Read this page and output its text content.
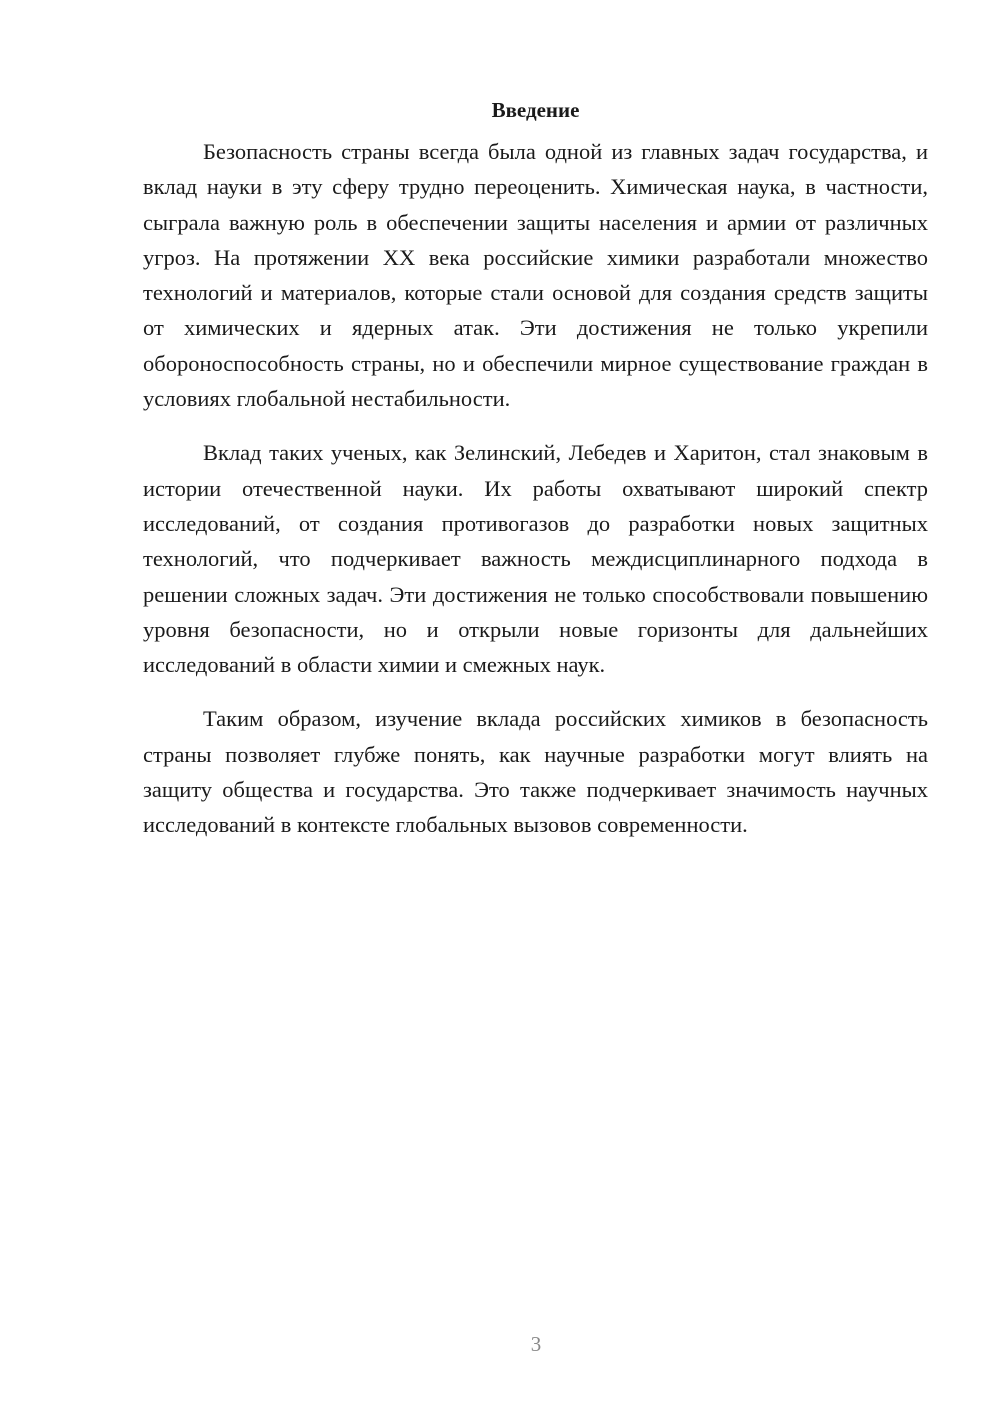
Введение

Безопасность страны всегда была одной из главных задач государства, и вклад науки в эту сферу трудно переоценить. Химическая наука, в частности, сыграла важную роль в обеспечении защиты населения и армии от различных угроз. На протяжении XX века российские химики разработали множество технологий и материалов, которые стали основой для создания средств защиты от химических и ядерных атак. Эти достижения не только укрепили обороноспособность страны, но и обеспечили мирное существование граждан в условиях глобальной нестабильности.

Вклад таких ученых, как Зелинский, Лебедев и Харитон, стал знаковым в истории отечественной науки. Их работы охватывают широкий спектр исследований, от создания противогазов до разработки новых защитных технологий, что подчеркивает важность междисциплинарного подхода в решении сложных задач. Эти достижения не только способствовали повышению уровня безопасности, но и открыли новые горизонты для дальнейших исследований в области химии и смежных наук.

Таким образом, изучение вклада российских химиков в безопасность страны позволяет глубже понять, как научные разработки могут влиять на защиту общества и государства. Это также подчеркивает значимость научных исследований в контексте глобальных вызовов современности.

3
